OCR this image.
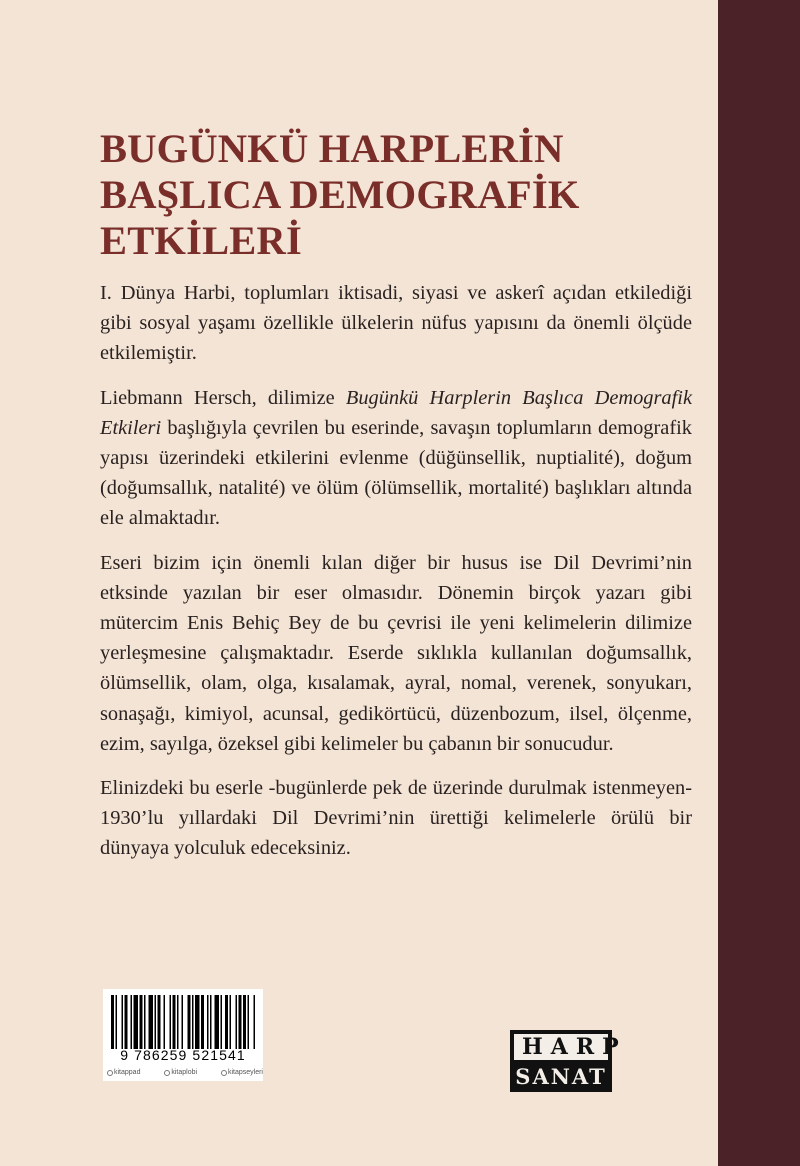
BUGÜNKÜ HARPLERİN
BAŞLICA DEMOGRAFİK
ETKİLERİ

I. Dünya Harbi, toplumları iktisadi, siyasi ve askerî açıdan etkilediği gibi sosyal yaşamı özellikle ülkelerin nüfus yapısını da önemli ölçüde etkilemiştir.

Liebmann Hersch, dilimize Bugünkü Harplerin Başlıca Demografik Etkileri başlığıyla çevrilen bu eserinde, savaşın toplumların demografik yapısı üzerindeki etkilerini evlenme (düğünsellik, nuptialité), doğum (doğumsallık, natalité) ve ölüm (ölümsellik, mortalité) başlıkları altında ele almaktadır.

Eseri bizim için önemli kılan diğer bir husus ise Dil Devrimi’nin etksinde yazılan bir eser olmasıdır. Dönemin birçok yazarı gibi mütercim Enis Behiç Bey de bu çevrisi ile yeni kelimelerin dilimize yerleşmesine çalışmaktadır. Eserde sıklıkla kullanılan doğumsallık, ölümsellik, olam, olga, kısalamak, ayral, nomal, verenek, sonyukarı, sonaşağı, kimiyol, acunsal, gedikörtücü, düzenbozum, ilsel, ölçenme, ezim, sayılga, özeksel gibi kelimeler bu çabanın bir sonucudur.

Elinizdeki bu eserle -bugünlerde pek de üzerinde durulmak istenmeyen- 1930’lu yıllardaki Dil Devrimi’nin ürettiği kelimelerle örülü bir dünyaya yolculuk edeceksiniz.

9 786259 521541
kitappad	kitaplobi	kitapseyleri
HARP
SANAT
